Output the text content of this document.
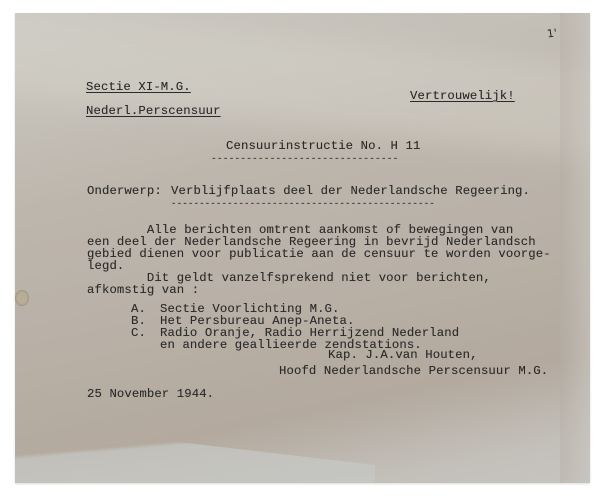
1'
Sectie XI-M.G.
Nederl.Perscensuur
Vertrouwelijk!
Censuurinstructie No. H 11
--------------------------------
Onderwerp: Verblijfplaats deel der Nederlandsche Regeering.
-----------------------------------------------
Alle berichten omtrent aankomst of bewegingen van
een deel der Nederlandsche Regeering in bevrijd Nederlandsch
gebied dienen voor publicatie aan de censuur te worden voorge-
legd.
Dit geldt vanzelfsprekend niet voor berichten,
afkomstig van :
A. Sectie Voorlichting M.G.
B. Het Persbureau Anep-Aneta.
C. Radio Oranje, Radio Herrijzend Nederland
en andere geallieerde zendstations.
Kap. J.A.van Houten,
Hoofd Nederlandsche Perscensuur M.G.
25 November 1944.
